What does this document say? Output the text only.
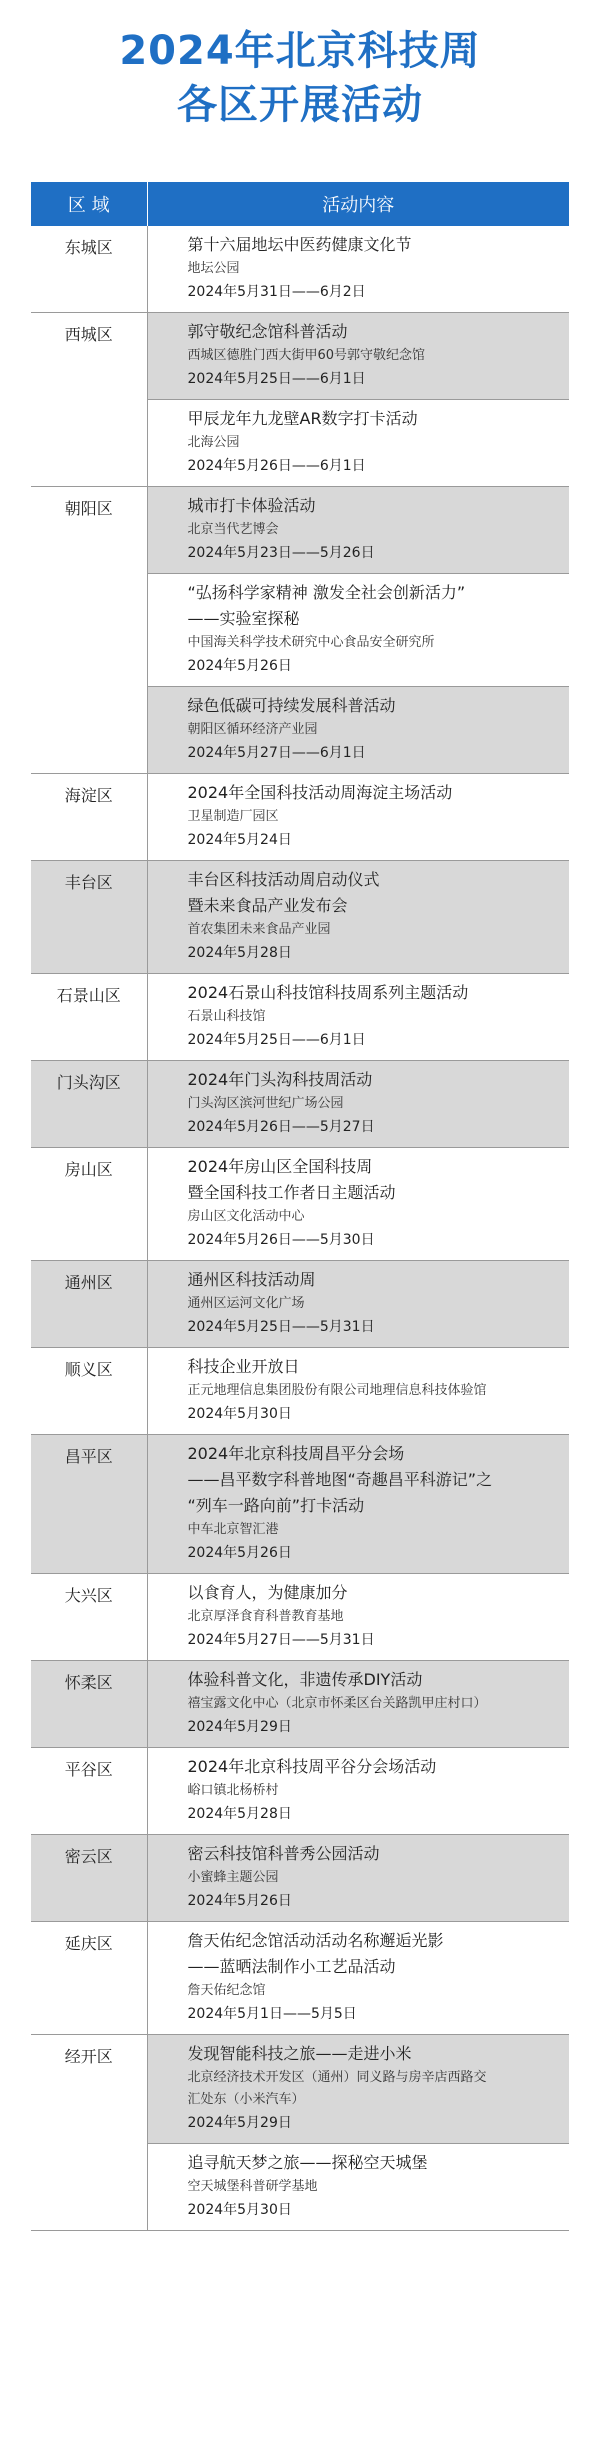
2024年北京科技周
各区开展活动
区 域	活动内容
东城区	第十六届地坛中医药健康文化节
地坛公园
2024年5月31日——6月2日

西城区	郭守敬纪念馆科普活动
西城区德胜门西大街甲60号郭守敬纪念馆
2024年5月25日——6月1日

	甲辰龙年九龙壁AR数字打卡活动
北海公园
2024年5月26日——6月1日

朝阳区	城市打卡体验活动
北京当代艺博会
2024年5月23日——5月26日

	“弘扬科学家精神 激发全社会创新活力”
——实验室探秘
中国海关科学技术研究中心食品安全研究所
2024年5月26日

	绿色低碳可持续发展科普活动
朝阳区循环经济产业园
2024年5月27日——6月1日

海淀区	2024年全国科技活动周海淀主场活动
卫星制造厂园区
2024年5月24日

丰台区	丰台区科技活动周启动仪式
暨未来食品产业发布会
首农集团未来食品产业园
2024年5月28日

石景山区	2024石景山科技馆科技周系列主题活动
石景山科技馆
2024年5月25日——6月1日

门头沟区	2024年门头沟科技周活动
门头沟区滨河世纪广场公园
2024年5月26日——5月27日

房山区	2024年房山区全国科技周
暨全国科技工作者日主题活动
房山区文化活动中心
2024年5月26日——5月30日

通州区	通州区科技活动周
通州区运河文化广场
2024年5月25日——5月31日

顺义区	科技企业开放日
正元地理信息集团股份有限公司地理信息科技体验馆
2024年5月30日

昌平区	2024年北京科技周昌平分会场
——昌平数字科普地图“奇趣昌平科游记”之
“列车一路向前”打卡活动
中车北京智汇港
2024年5月26日

大兴区	以食育人，为健康加分
北京厚泽食育科普教育基地
2024年5月27日——5月31日

怀柔区	体验科普文化，非遗传承DIY活动
禧宝露文化中心（北京市怀柔区台关路凯甲庄村口）
2024年5月29日

平谷区	2024年北京科技周平谷分会场活动
峪口镇北杨桥村
2024年5月28日

密云区	密云科技馆科普秀公园活动
小蜜蜂主题公园
2024年5月26日

延庆区	詹天佑纪念馆活动活动名称邂逅光影
——蓝晒法制作小工艺品活动
詹天佑纪念馆
2024年5月1日——5月5日

经开区	发现智能科技之旅——走进小米
北京经济技术开发区（通州）同义路与房辛店西路交
汇处东（小米汽车）
2024年5月29日

	追寻航天梦之旅——探秘空天城堡
空天城堡科普研学基地
2024年5月30日
